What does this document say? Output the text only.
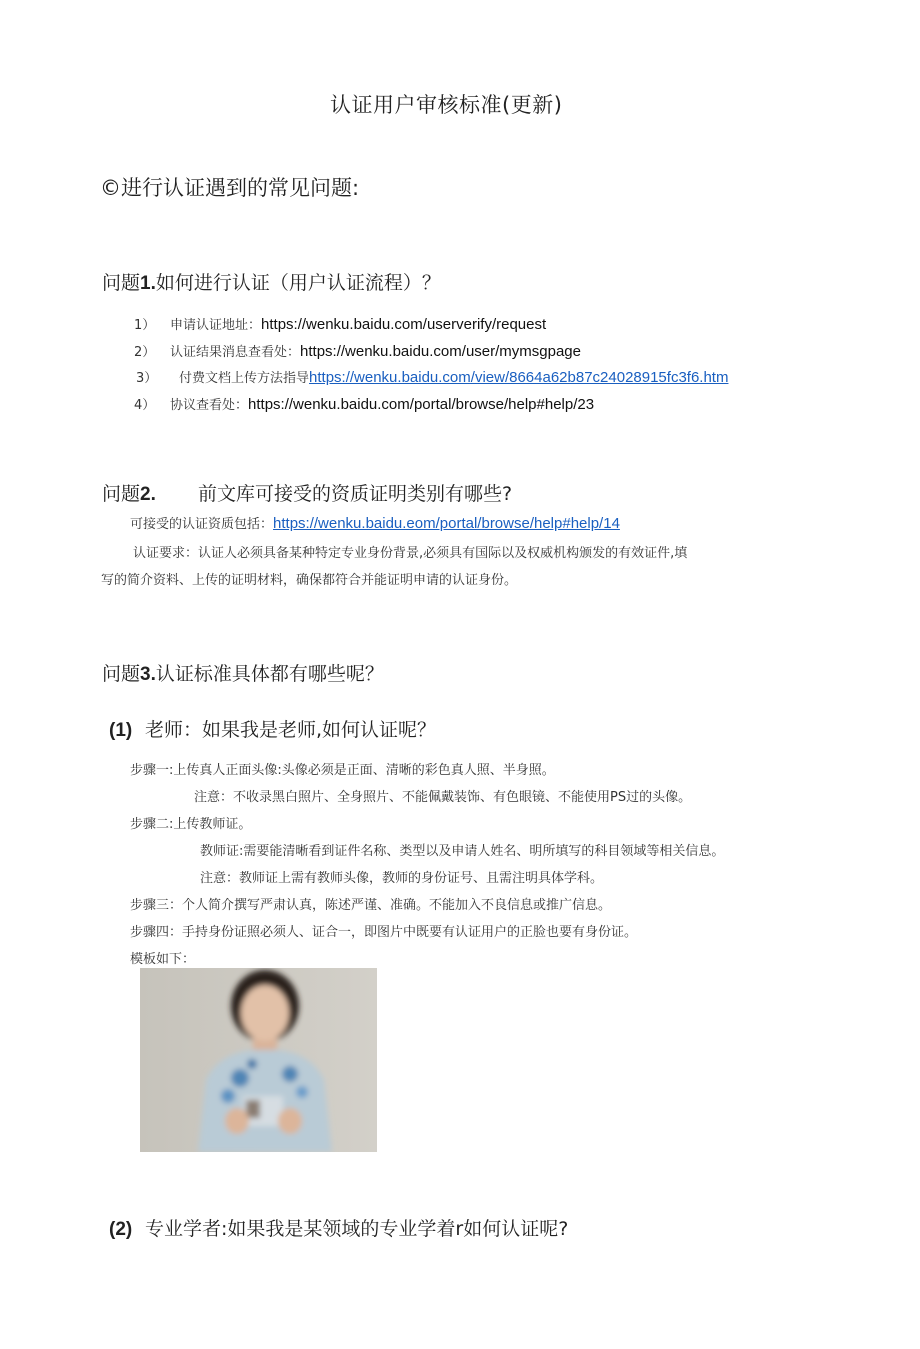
认证用户审核标准(更新)
©进行认证遇到的常见问题:
问题1.如何进行认证（用户认证流程）？
1） 申请认证地址：https://wenku.baidu.com/userverify/request
2） 认证结果消息查看处：https://wenku.baidu.com/user/mymsgpage
3） 付费文档上传方法指导https://wenku.baidu.com/view/8664a62b87c24028915fc3f6.htm
4） 协议查看处：https://wenku.baidu.com/portal/browse/help#help/23
问题2. 前文库可接受的资质证明类别有哪些?
可接受的认证资质包括：https://wenku.baidu.eom/portal/browse/help#help/14
认证要求：认证人必须具备某种特定专业身份背景,必须具有国际以及权威机构颁发的有效证件,填
写的简介资料、上传的证明材料，确保都符合并能证明申请的认证身份。
问题3.认证标准具体都有哪些呢？
(1) 老师：如果我是老师,如何认证呢？
步骤一:上传真人正面头像:头像必须是正面、清晰的彩色真人照、半身照。
注意：不收录黑白照片、全身照片、不能佩戴装饰、有色眼镜、不能使用PS过的头像。
步骤二:上传教师证。
教师证:需要能清晰看到证件名称、类型以及申请人姓名、明所填写的科目领域等相关信息。
注意：教师证上需有教师头像，教师的身份证号、且需注明具体学科。
步骤三：个人简介撰写严肃认真，陈述严谨、准确。不能加入不良信息或推广信息。
步骤四：手持身份证照必须人、证合一，即图片中既要有认证用户的正脸也要有身份证。
模板如下：
(2) 专业学者:如果我是某领域的专业学着r如何认证呢?
